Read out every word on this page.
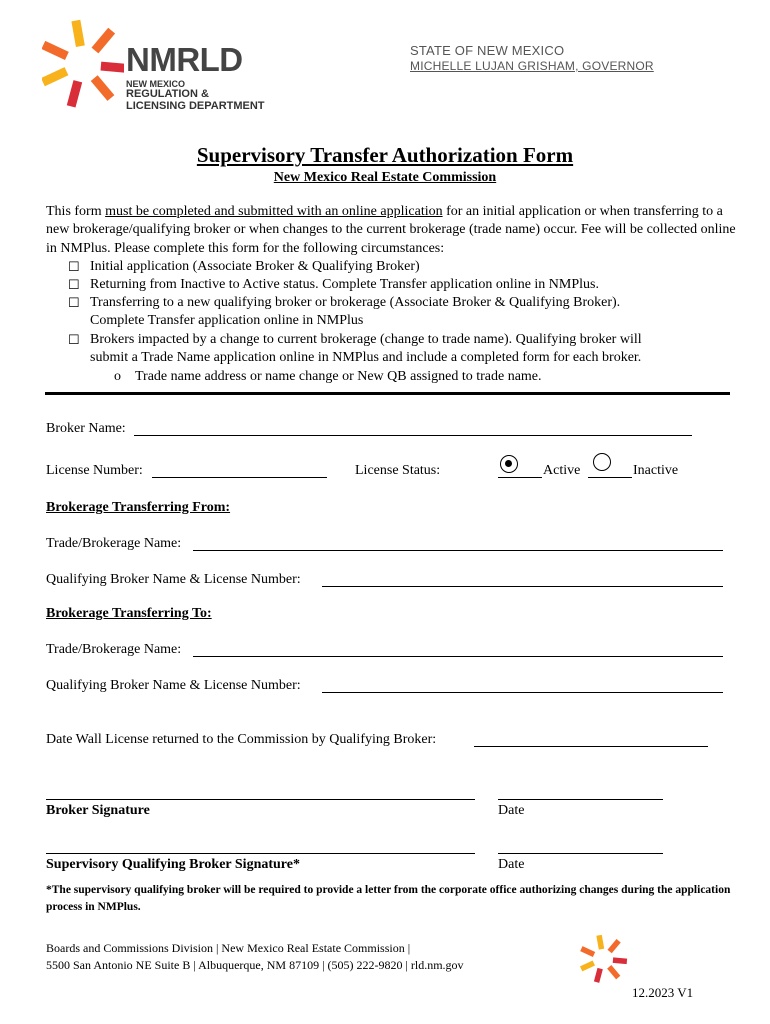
NMRLD
NEW MEXICO
REGULATION &
LICENSING DEPARTMENT
STATE OF NEW MEXICO
MICHELLE LUJAN GRISHAM, GOVERNOR
Supervisory Transfer Authorization Form
New Mexico Real Estate Commission
This form must be completed and submitted with an online application for an initial application or when transferring to a new brokerage/qualifying broker or when changes to the current brokerage (trade name) occur. Fee will be collected online in NMPlus. Please complete this form for the following circumstances:
☐ Initial application (Associate Broker & Qualifying Broker)
☐ Returning from Inactive to Active status. Complete Transfer application online in NMPlus.
☐ Transferring to a new qualifying broker or brokerage (Associate Broker & Qualifying Broker).
Complete Transfer application online in NMPlus
☐ Brokers impacted by a change to current brokerage (change to trade name). Qualifying broker will
submit a Trade Name application online in NMPlus and include a completed form for each broker.
o Trade name address or name change or New QB assigned to trade name.
Broker Name:
License Number:	License Status:	Active	Inactive
Brokerage Transferring From:
Trade/Brokerage Name:
Qualifying Broker Name & License Number:
Brokerage Transferring To:
Trade/Brokerage Name:
Qualifying Broker Name & License Number:
Date Wall License returned to the Commission by Qualifying Broker:
Broker Signature	Date
Supervisory Qualifying Broker Signature*	Date
*The supervisory qualifying broker will be required to provide a letter from the corporate office authorizing changes during the application process in NMPlus.
Boards and Commissions Division | New Mexico Real Estate Commission |
5500 San Antonio NE Suite B | Albuquerque, NM 87109 | (505) 222-9820 | rld.nm.gov
12.2023 V1
